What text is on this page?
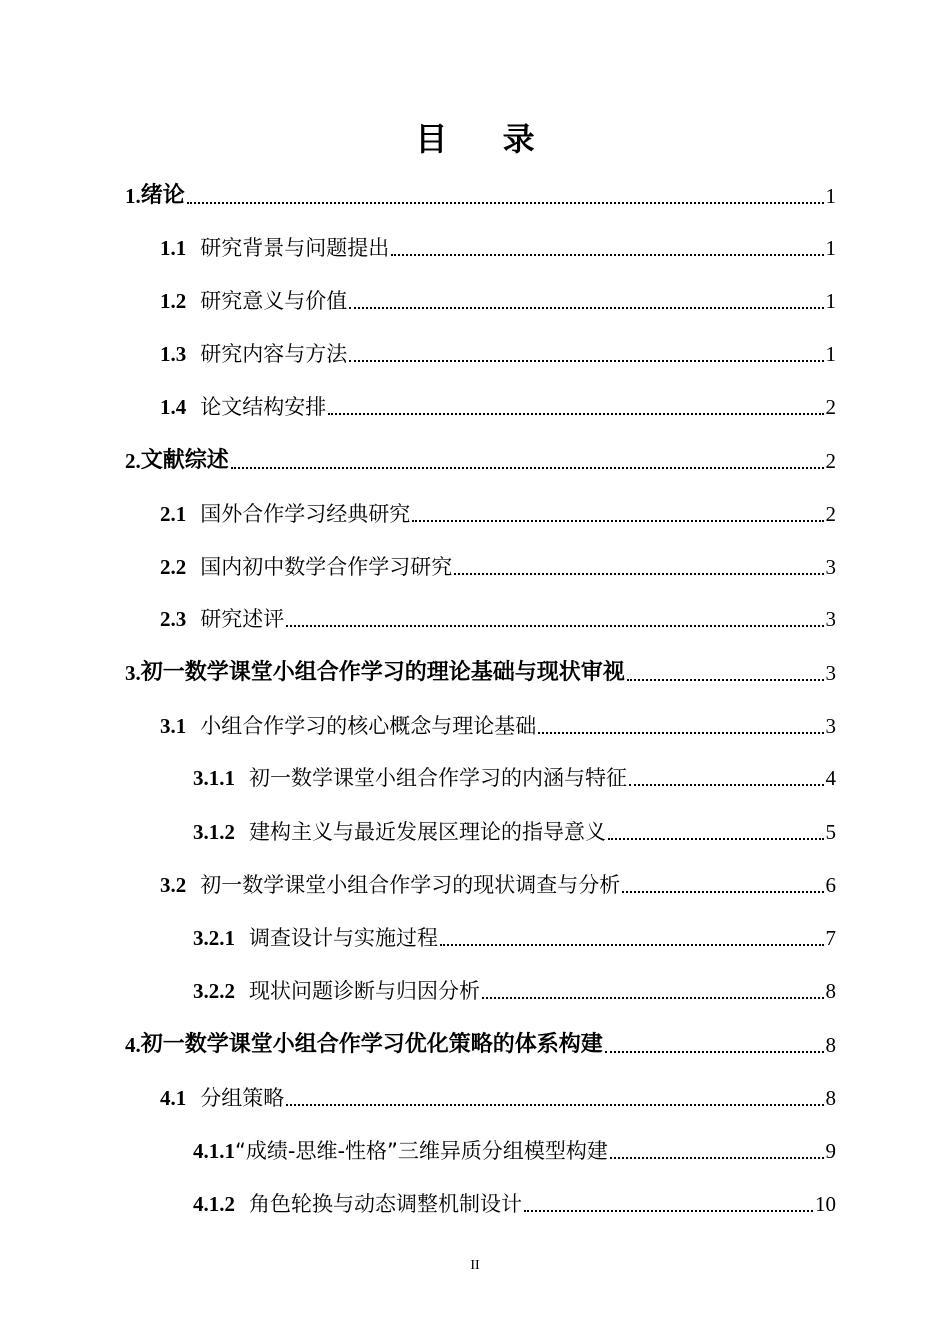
目 录
1. 绪论	1
1.1 研究背景与问题提出	1
1.2 研究意义与价值	1
1.3 研究内容与方法	1
1.4 论文结构安排	2
2. 文献综述	2
2.1 国外合作学习经典研究	2
2.2 国内初中数学合作学习研究	3
2.3 研究述评	3
3. 初一数学课堂小组合作学习的理论基础与现状审视	3
3.1 小组合作学习的核心概念与理论基础	3
3.1.1 初一数学课堂小组合作学习的内涵与特征	4
3.1.2 建构主义与最近发展区理论的指导意义	5
3.2 初一数学课堂小组合作学习的现状调查与分析	6
3.2.1 调查设计与实施过程	7
3.2.2 现状问题诊断与归因分析	8
4. 初一数学课堂小组合作学习优化策略的体系构建	8
4.1 分组策略	8
4.1.1 “成绩-思维-性格”三维异质分组模型构建	9
4.1.2 角色轮换与动态调整机制设计	10
II
